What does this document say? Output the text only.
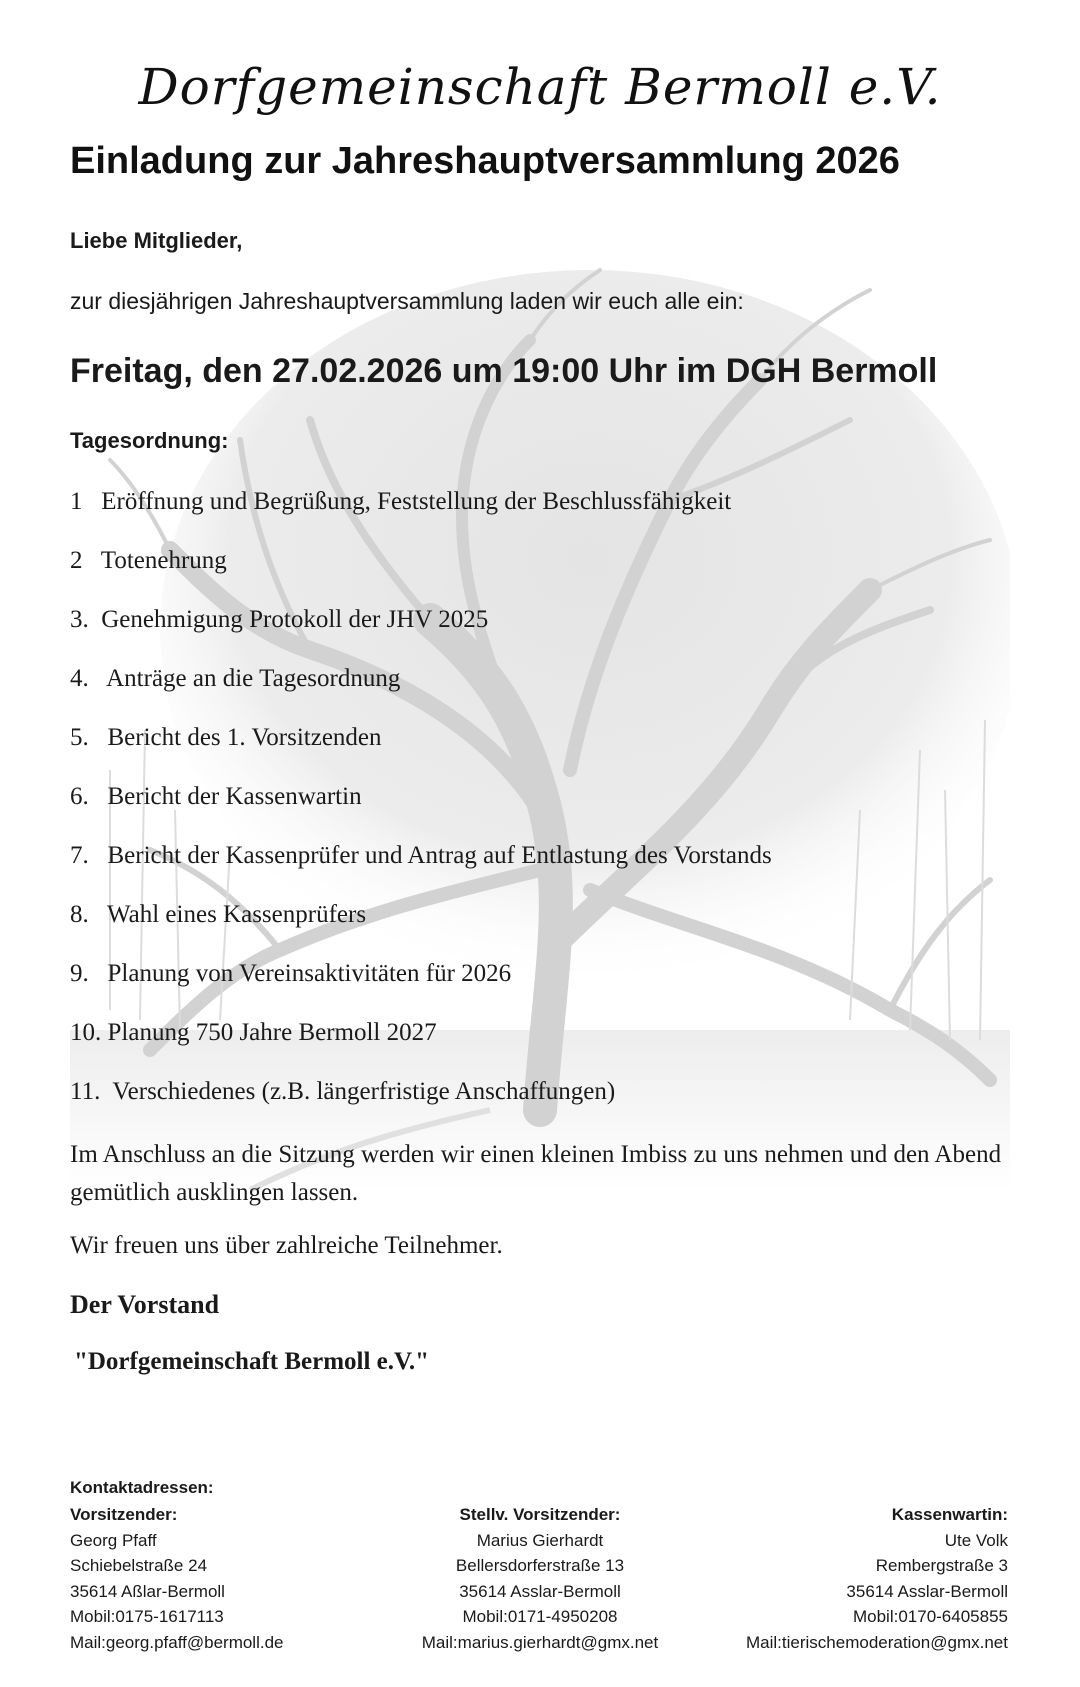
Dorfgemeinschaft Bermoll e.V.
Einladung zur Jahreshauptversammlung 2026
Liebe Mitglieder,
zur diesjährigen Jahreshauptversammlung laden wir euch alle ein:
Freitag, den 27.02.2026 um 19:00 Uhr im DGH Bermoll
Tagesordnung:
1   Eröffnung und Begrüßung, Feststellung der Beschlussfähigkeit
2   Totenehrung
3.  Genehmigung Protokoll der JHV 2025
4.   Anträge an die Tagesordnung
5.   Bericht des 1. Vorsitzenden
6.   Bericht der Kassenwartin
7.   Bericht der Kassenprüfer und Antrag auf Entlastung des Vorstands
8.   Wahl eines Kassenprüfers
9.   Planung von Vereinsaktivitäten für 2026
10. Planung 750 Jahre Bermoll 2027
11.  Verschiedenes (z.B. längerfristige Anschaffungen)
Im Anschluss an die Sitzung werden wir einen kleinen Imbiss zu uns nehmen und den Abend gemütlich ausklingen lassen.
Wir freuen uns über zahlreiche Teilnehmer.
Der Vorstand
"Dorfgemeinschaft Bermoll e.V."
Kontaktadressen:
Vorsitzender:
Georg Pfaff
Schiebelstraße 24
35614 Aßlar-Bermoll
Mobil:0175-1617113
Mail:georg.pfaff@bermoll.de
Stellv. Vorsitzender:
Marius Gierhardt
Bellersdorferstraße 13
35614 Asslar-Bermoll
Mobil:0171-4950208
Mail:marius.gierhardt@gmx.net
Kassenwartin:
Ute Volk
Rembergstraße 3
35614 Asslar-Bermoll
Mobil:0170-6405855
Mail:tierischemoderation@gmx.net
